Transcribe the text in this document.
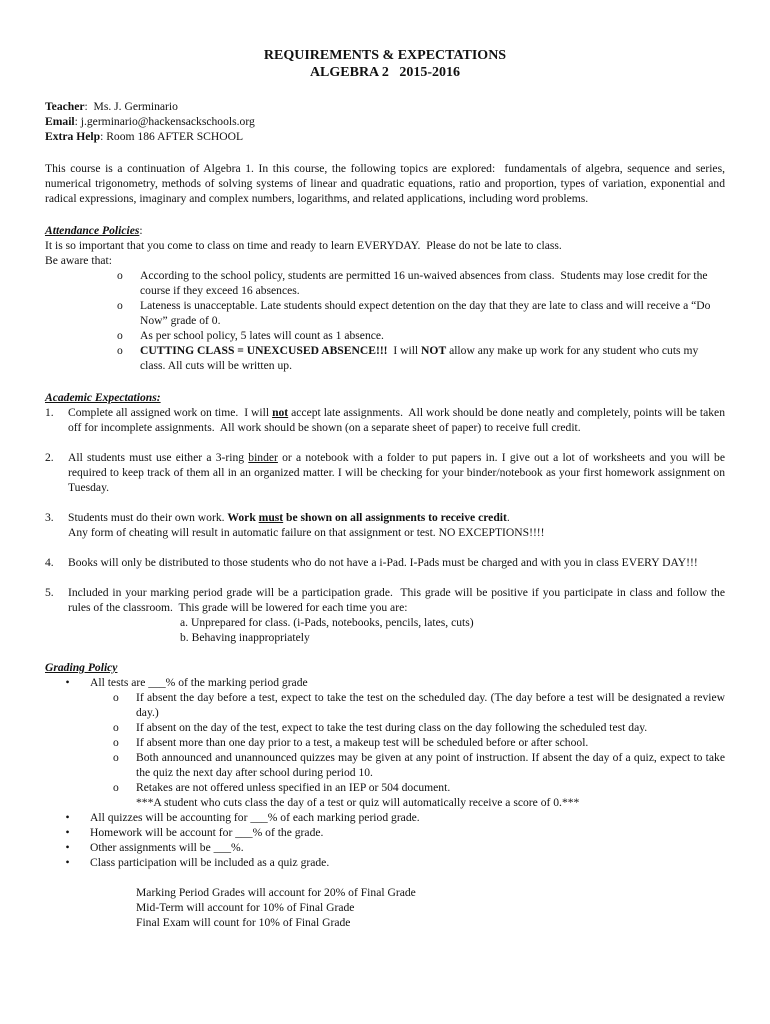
REQUIREMENTS & EXPECTATIONS
ALGEBRA 2   2015-2016
Teacher:  Ms. J. Germinario
Email: j.germinario@hackensackschools.org
Extra Help: Room 186 AFTER SCHOOL

This course is a continuation of Algebra 1. In this course, the following topics are explored:  fundamentals of algebra, sequence and series, numerical trigonometry, methods of solving systems of linear and quadratic equations, ratio and proportion, types of variation, exponential and radical expressions, imaginary and complex numbers, logarithms, and related applications, including word problems.

Attendance Policies:
It is so important that you come to class on time and ready to learn EVERYDAY.  Please do not be late to class.
Be aware that:
o	According to the school policy, students are permitted 16 un-waived absences from class.  Students may lose credit for the course if they exceed 16 absences.
o	Lateness is unacceptable. Late students should expect detention on the day that they are late to class and will receive a “Do Now” grade of 0.
o	As per school policy, 5 lates will count as 1 absence.
o	CUTTING CLASS = UNEXCUSED ABSENCE!!!  I will NOT allow any make up work for any student who cuts my class. All cuts will be written up.
Academic Expectations:
1.	Complete all assigned work on time.  I will not accept late assignments.  All work should be done neatly and completely, points will be taken off for incomplete assignments.  All work should be shown (on a separate sheet of paper) to receive full credit.
2.	All students must use either a 3-ring binder or a notebook with a folder to put papers in. I give out a lot of worksheets and you will be required to keep track of them all in an organized matter. I will be checking for your binder/notebook as your first homework assignment on Tuesday.
3.	Students must do their own work. Work must be shown on all assignments to receive credit.
Any form of cheating will result in automatic failure on that assignment or test. NO EXCEPTIONS!!!!
4.	Books will only be distributed to those students who do not have a i-Pad. I-Pads must be charged and with you in class EVERY DAY!!!
5.	Included in your marking period grade will be a participation grade.  This grade will be positive if you participate in class and follow the rules of the classroom.  This grade will be lowered for each time you are:
a. Unprepared for class. (i-Pads, notebooks, pencils, lates, cuts)
b. Behaving inappropriately
Grading Policy
•	All tests are ___% of the marking period grade
o	If absent the day before a test, expect to take the test on the scheduled day. (The day before a test will be designated a review day.)
o	If absent on the day of the test, expect to take the test during class on the day following the scheduled test day.
o	If absent more than one day prior to a test, a makeup test will be scheduled before or after school.
o	Both announced and unannounced quizzes may be given at any point of instruction. If absent the day of a quiz, expect to take the quiz the next day after school during period 10.
o	Retakes are not offered unless specified in an IEP or 504 document.
***A student who cuts class the day of a test or quiz will automatically receive a score of 0.***
•	All quizzes will be accounting for ___% of each marking period grade.
•	Homework will be account for ___% of the grade.
•	Other assignments will be ___%.
•	Class participation will be included as a quiz grade.
Marking Period Grades will account for 20% of Final Grade
Mid-Term will account for 10% of Final Grade
Final Exam will count for 10% of Final Grade
